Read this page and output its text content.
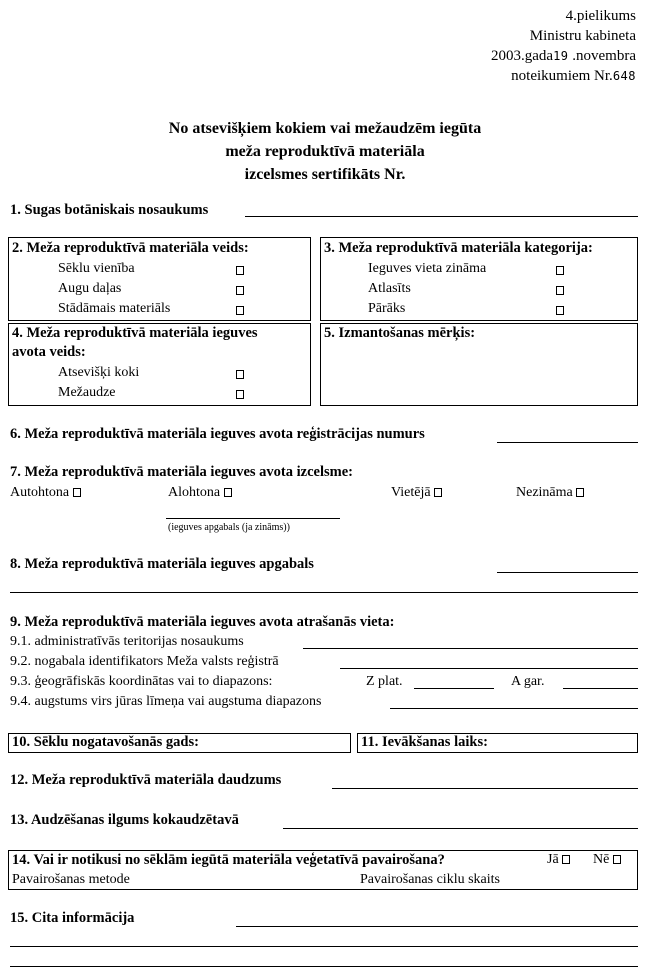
4.pielikums
Ministru kabineta
2003.gada19 .novembra
noteikumiem Nr.648
No atsevišķiem kokiem vai mežaudzēm iegūta
meža reproduktīvā materiāla
izcelsmes sertifikāts Nr.
1. Sugas botāniskais nosaukums
2. Meža reproduktīvā materiāla veids:
Sēklu vienība
Augu daļas
Stādāmais materiāls
3. Meža reproduktīvā materiāla kategorija:
Ieguves vieta zināma
Atlasīts
Pārāks
4. Meža reproduktīvā materiāla ieguves
avota veids:
Atsevišķi koki
Mežaudze
5. Izmantošanas mērķis:
6. Meža reproduktīvā materiāla ieguves avota reģistrācijas numurs
7. Meža reproduktīvā materiāla ieguves avota izcelsme:
Autohtona	Alohtona	Vietējā	Nezināma
(ieguves apgabals (ja zināms))
8. Meža reproduktīvā materiāla ieguves apgabals
9. Meža reproduktīvā materiāla ieguves avota atrašanās vieta:
9.1. administratīvās teritorijas nosaukums
9.2. nogabala identifikators Meža valsts reģistrā
9.3. ģeogrāfiskās koordinātas vai to diapazons:	Z plat.	A gar.
9.4. augstums virs jūras līmeņa vai augstuma diapazons
10. Sēklu nogatavošanās gads:	11. Ievākšanas laiks:
12. Meža reproduktīvā materiāla daudzums
13. Audzēšanas ilgums kokaudzētavā
14. Vai ir notikusi no sēklām iegūtā materiāla veģetatīvā pavairošana?	Jā	Nē
Pavairošanas metode	Pavairošanas ciklu skaits
15. Cita informācija
